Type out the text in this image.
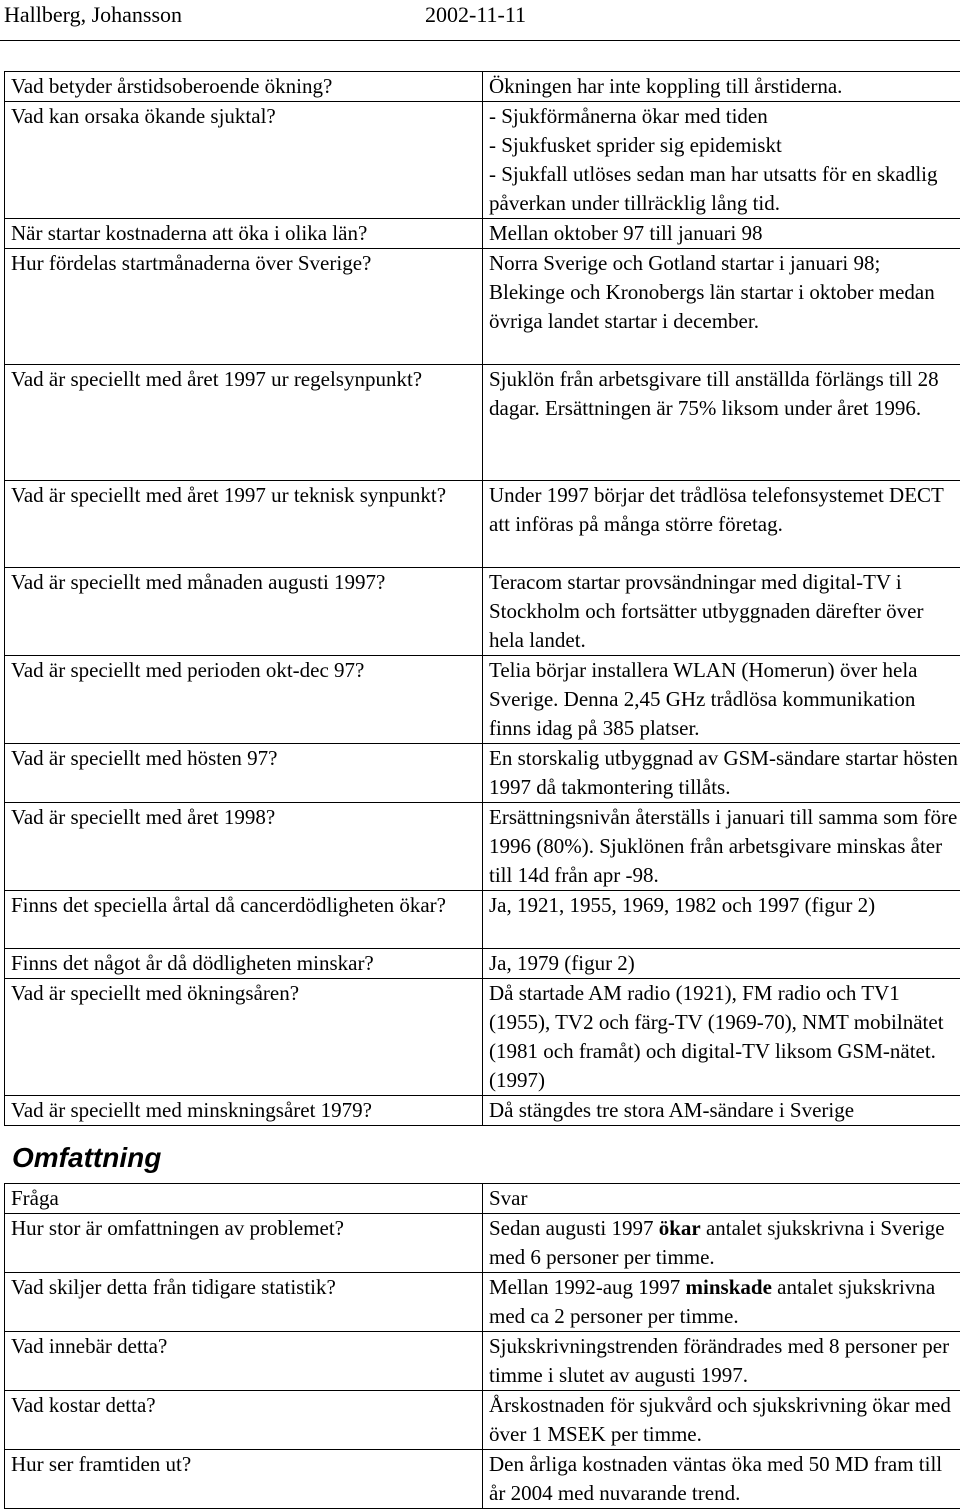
Hallberg, Johansson	2002-11-11
Vad betyder årstidsoberoende ökning?	Ökningen har inte koppling till årstiderna.
Vad kan orsaka ökande sjuktal?	- Sjukförmånerna ökar med tiden
- Sjukfusket sprider sig epidemiskt
- Sjukfall utlöses sedan man har utsatts för en skadlig påverkan under tillräcklig lång tid.
När startar kostnaderna att öka i olika län?	Mellan oktober 97 till januari 98
Hur fördelas startmånaderna över Sverige?	Norra Sverige och Gotland startar i januari 98; Blekinge och Kronobergs län startar i oktober medan övriga landet startar i december.
Vad är speciellt med året 1997 ur regelsynpunkt?	Sjuklön från arbetsgivare till anställda förlängs till 28 dagar. Ersättningen är 75% liksom under året 1996.
Vad är speciellt med året 1997 ur teknisk synpunkt?	Under 1997 börjar det trådlösa telefonsystemet DECT att införas på många större företag.
Vad är speciellt med månaden augusti 1997?	Teracom startar provsändningar med digital-TV i Stockholm och fortsätter utbyggnaden därefter över hela landet.
Vad är speciellt med perioden okt-dec 97?	Telia börjar installera WLAN (Homerun) över hela Sverige. Denna 2,45 GHz trådlösa kommunikation finns idag på 385 platser.
Vad är speciellt med hösten 97?	En storskalig utbyggnad av GSM-sändare startar hösten 1997 då takmontering tillåts.
Vad är speciellt med året 1998?	Ersättningsnivån återställs i januari till samma som före 1996 (80%). Sjuklönen från arbetsgivare minskas åter till 14d från apr -98.
Finns det speciella årtal då cancerdödligheten ökar?	Ja, 1921, 1955, 1969, 1982 och 1997 (figur 2)
Finns det något år då dödligheten minskar?	Ja, 1979 (figur 2)
Vad är speciellt med ökningsåren?	Då startade AM radio (1921), FM radio och TV1 (1955), TV2 och färg-TV (1969-70), NMT mobilnätet (1981 och framåt) och digital-TV liksom GSM-nätet. (1997)
Vad är speciellt med minskningsåret 1979?	Då stängdes tre stora AM-sändare i Sverige
Omfattning
Fråga	Svar
Hur stor är omfattningen av problemet?	Sedan augusti 1997 ökar antalet sjukskrivna i Sverige med 6 personer per timme.
Vad skiljer detta från tidigare statistik?	Mellan 1992-aug 1997 minskade antalet sjukskrivna med ca 2 personer per timme.
Vad innebär detta?	Sjukskrivningstrenden förändrades med 8 personer per timme i slutet av augusti 1997.
Vad kostar detta?	Årskostnaden för sjukvård och sjukskrivning ökar med över 1 MSEK per timme.
Hur ser framtiden ut?	Den årliga kostnaden väntas öka med 50 MD fram till år 2004 med nuvarande trend.
